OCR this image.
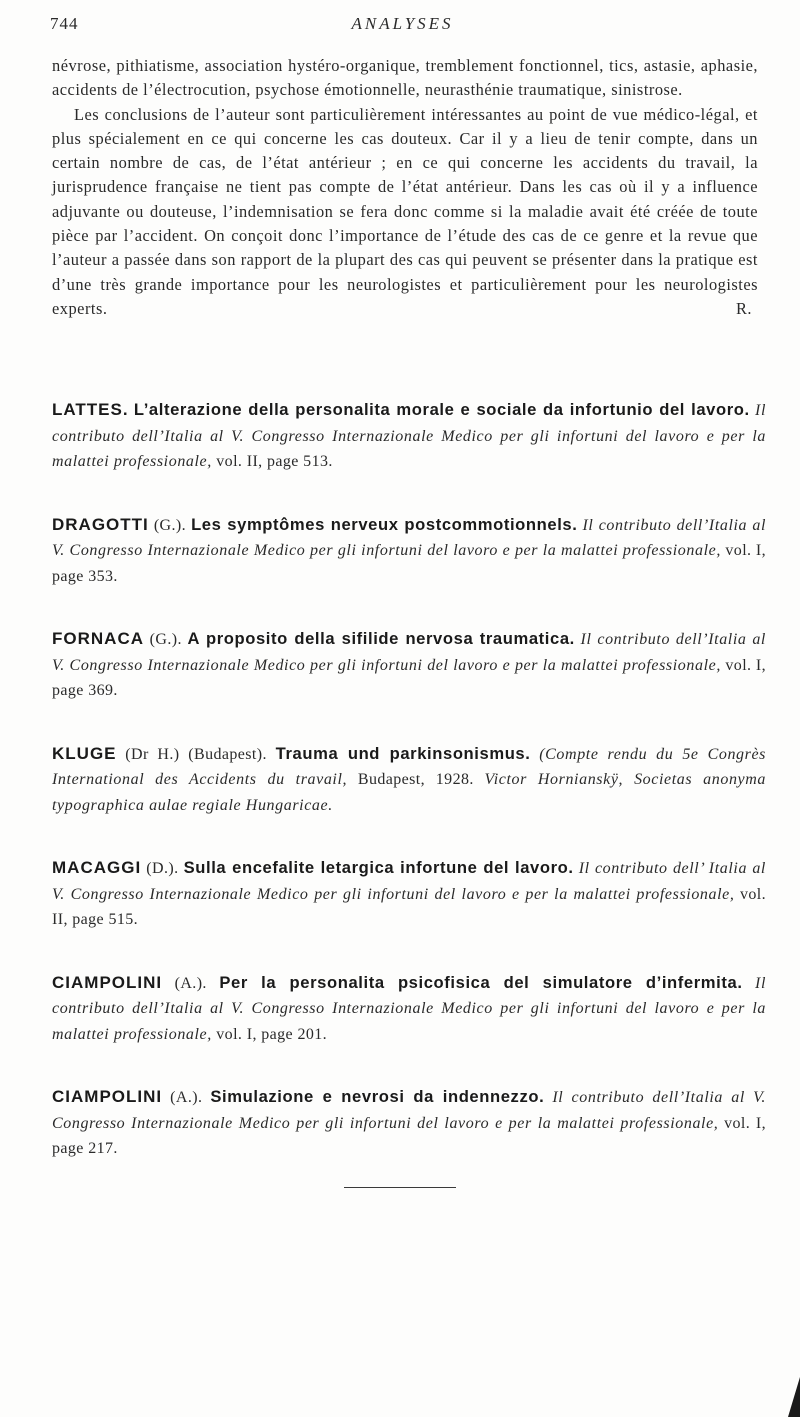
744	ANALYSES

névrose, pithiatisme, association hystéro-organique, tremblement fonctionnel, tics, astasie, aphasie, accidents de l’électrocution, psychose émotionnelle, neurasthénie traumatique, sinistrose.

Les conclusions de l’auteur sont particulièrement intéressantes au point de vue médico-légal, et plus spécialement en ce qui concerne les cas douteux. Car il y a lieu de tenir compte, dans un certain nombre de cas, de l’état antérieur ; en ce qui concerne les accidents du travail, la jurisprudence française ne tient pas compte de l’état antérieur. Dans les cas où il y a influence adjuvante ou douteuse, l’indemnisation se fera donc comme si la maladie avait été créée de toute pièce par l’accident. On conçoit donc l’importance de l’étude des cas de ce genre et la revue que l’auteur a passée dans son rapport de la plupart des cas qui peuvent se présenter dans la pratique est d’une très grande importance pour les neurologistes et particulièrement pour les neurologistes experts.	R.

LATTES. L’alterazione della personalita morale e sociale da infortunio del lavoro. Il contributo dell’Italia al V. Congresso Internazionale Medico per gli infortuni del lavoro e per la malattei professionale, vol. II, page 513.

DRAGOTTI (G.). Les symptômes nerveux postcommotionnels. Il contributo dell’Italia al V. Congresso Internazionale Medico per gli infortuni del lavoro e per la malattei professionale, vol. I, page 353.

FORNACA (G.). A proposito della sifilide nervosa traumatica. Il contributo dell’Italia al V. Congresso Internazionale Medico per gli infortuni del lavoro e per la malattei professionale, vol. I, page 369.

KLUGE (Dr H.) (Budapest). Trauma und parkinsonismus. (Compte rendu du 5e Congrès International des Accidents du travail, Budapest, 1928. Victor Hornianskÿ, Societas anonyma typographica aulae regiale Hungaricae.

MACAGGI (D.). Sulla encefalite letargica infortune del lavoro. Il contributo dell’ Italia al V. Congresso Internazionale Medico per gli infortuni del lavoro e per la malattei professionale, vol. II, page 515.

CIAMPOLINI (A.). Per la personalita psicofisica del simulatore d’infermita. Il contributo dell’Italia al V. Congresso Internazionale Medico per gli infortuni del lavoro e per la malattei professionale, vol. I, page 201.

CIAMPOLINI (A.). Simulazione e nevrosi da indennezzo. Il contributo dell’Italia al V. Congresso Internazionale Medico per gli infortuni del lavoro e per la malattei professionale, vol. I, page 217.
